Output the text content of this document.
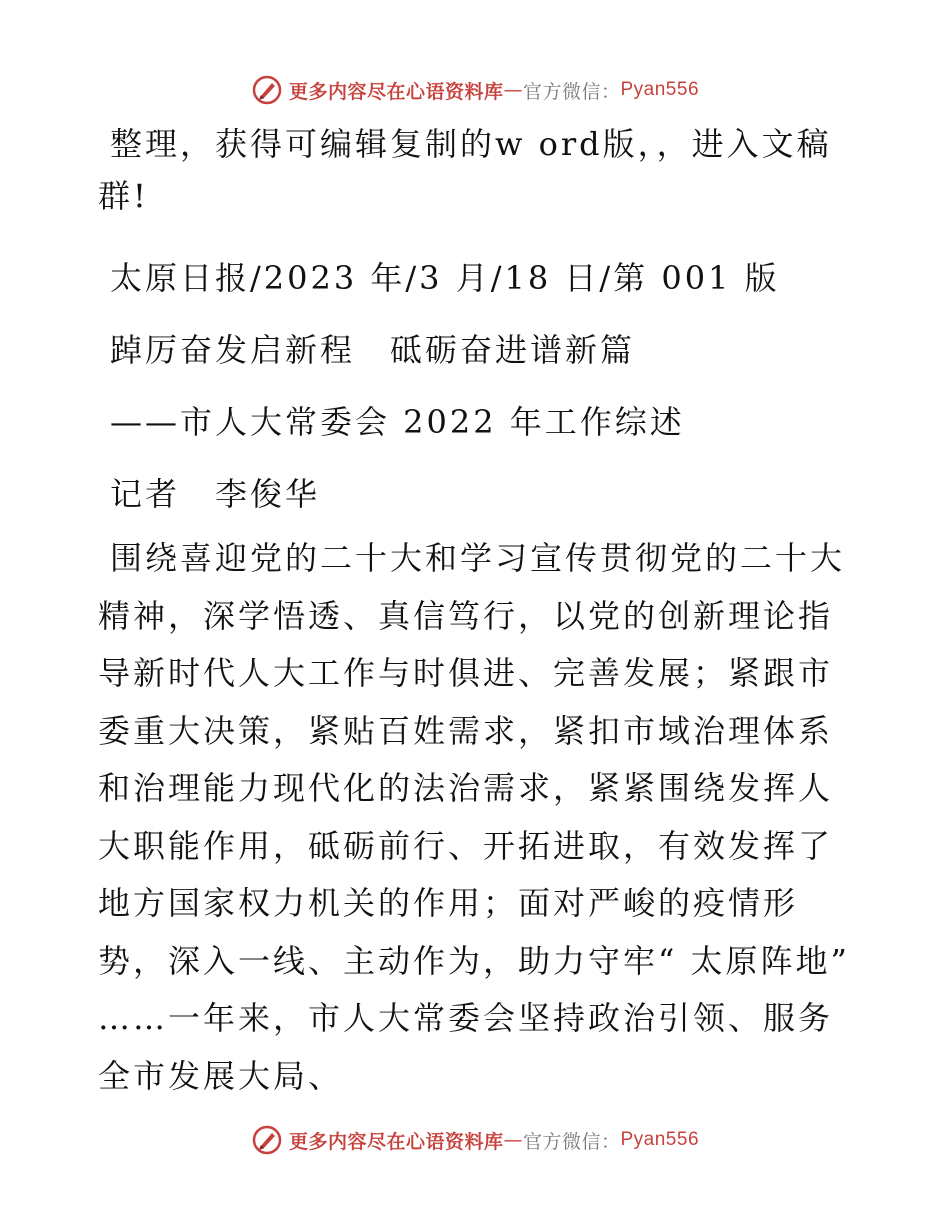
更多内容尽在心语资料库 — 官方微信： Pyan556

整理，获得可编辑复制的w ord版，，进入文稿群!

太原日报/2023 年/3 月/18 日/第 001 版

踔厉奋发启新程　砥砺奋进谱新篇

——市人大常委会 2022 年工作综述

记者　李俊华

围绕喜迎党的二十大和学习宣传贯彻党的二十大精神，深学悟透、真信笃行，以党的创新理论指导新时代人大工作与时俱进、完善发展；紧跟市委重大决策，紧贴百姓需求，紧扣市域治理体系和治理能力现代化的法治需求，紧紧围绕发挥人大职能作用，砥砺前行、开拓进取，有效发挥了地方国家权力机关的作用；面对严峻的疫情形势，深入一线、主动作为，助力守牢“ 太原阵地” ……一年来，市人大常委会坚持政治引领、服务全市发展大局、

更多内容尽在心语资料库 — 官方微信： Pyan556
